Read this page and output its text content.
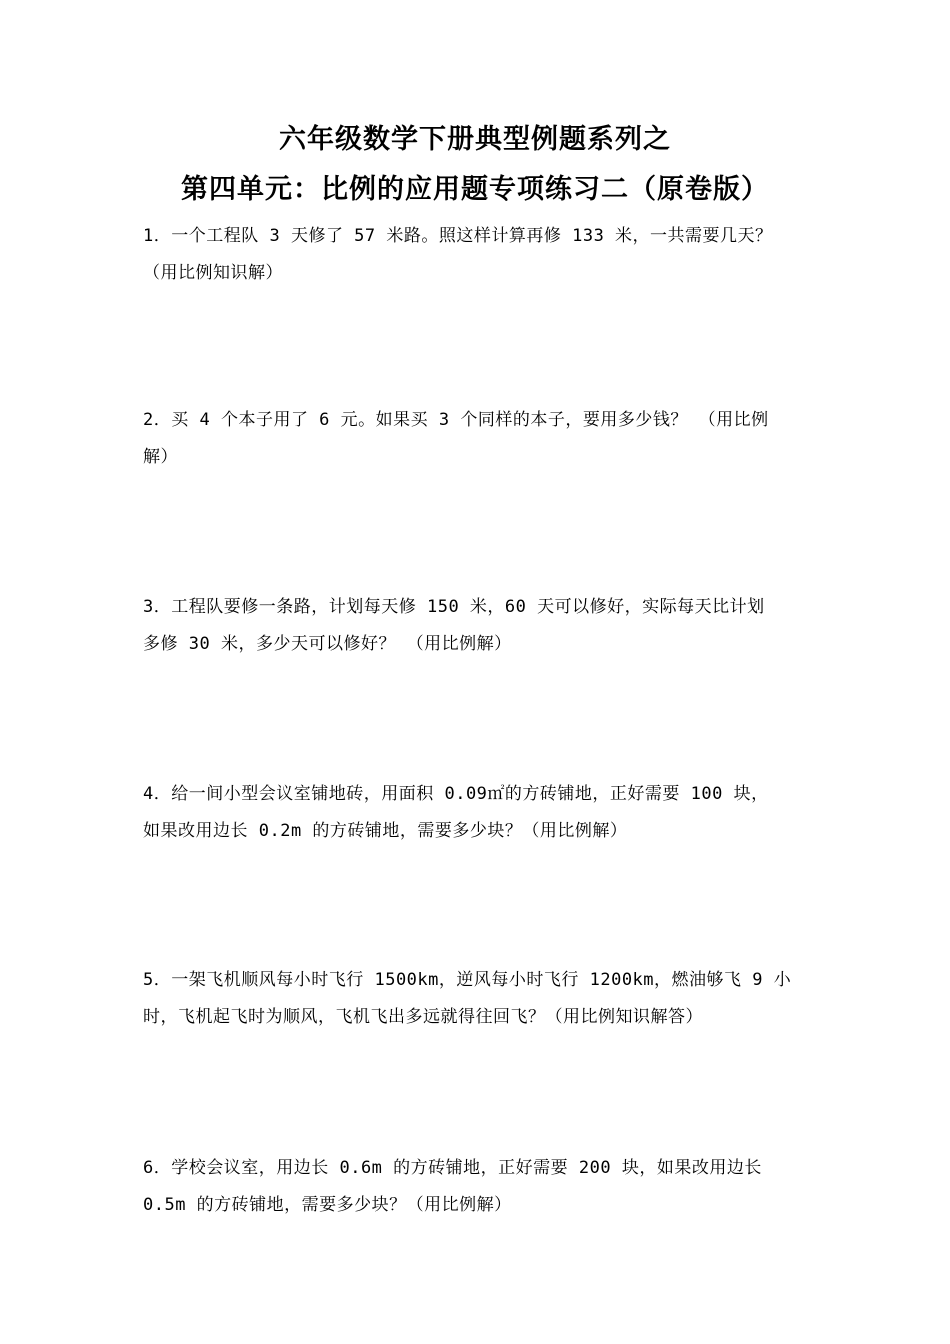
六年级数学下册典型例题系列之
第四单元：比例的应用题专项练习二（原卷版）
1．一个工程队 3 天修了 57 米路。照这样计算再修 133 米，一共需要几天？
（用比例知识解）
2．买 4 个本子用了 6 元。如果买 3 个同样的本子，要用多少钱？ （用比例
解）
3．工程队要修一条路，计划每天修 150 米，60 天可以修好，实际每天比计划
多修 30 米，多少天可以修好？ （用比例解）
4．给一间小型会议室铺地砖，用面积 0.09㎡的方砖铺地，正好需要 100 块，
如果改用边长 0.2m 的方砖铺地，需要多少块？（用比例解）
5．一架飞机顺风每小时飞行 1500km，逆风每小时飞行 1200km，燃油够飞 9 小
时，飞机起飞时为顺风，飞机飞出多远就得往回飞？（用比例知识解答）
6．学校会议室，用边长 0.6m 的方砖铺地，正好需要 200 块，如果改用边长
0.5m 的方砖铺地，需要多少块？（用比例解）
